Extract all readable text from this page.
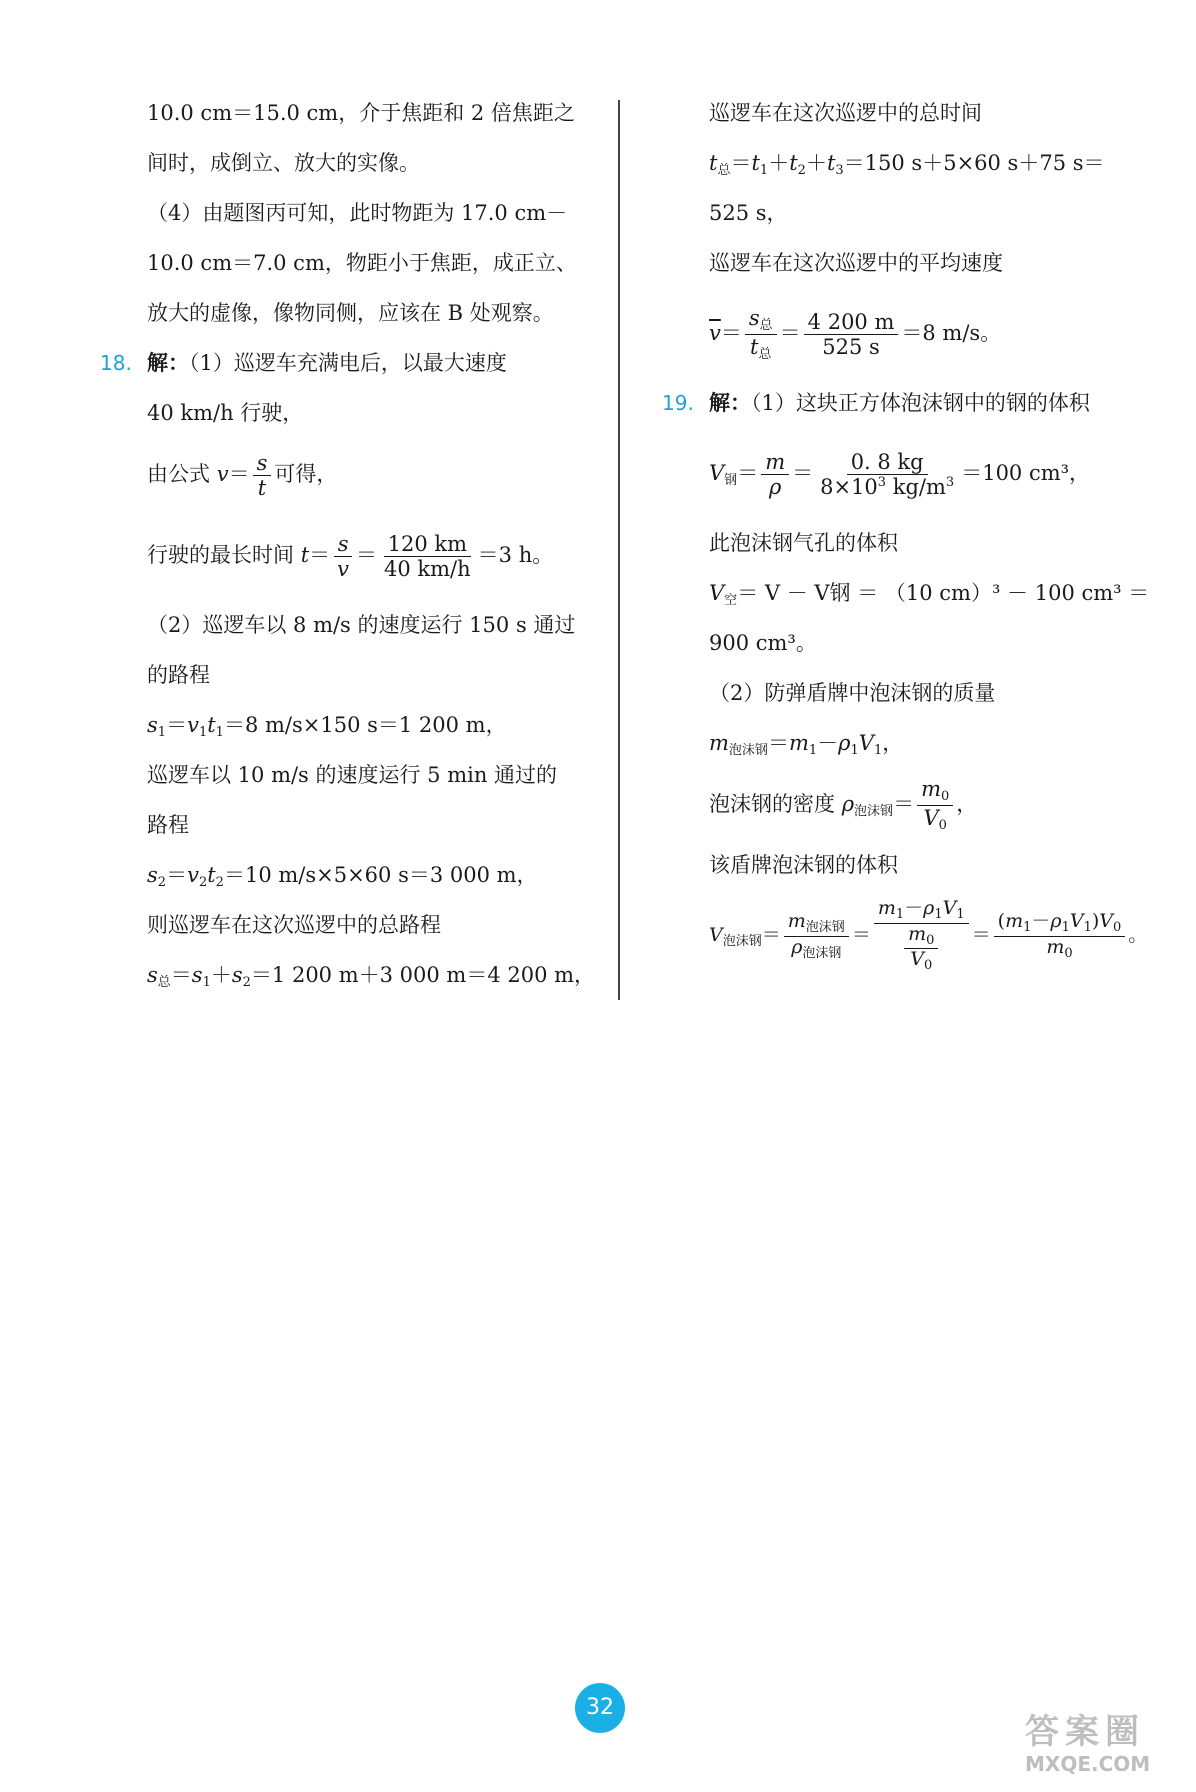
10.0 cm＝15.0 cm，介于焦距和 2 倍焦距之
间时，成倒立、放大的实像。
（4）由题图丙可知，此时物距为 17.0 cm－
10.0 cm＝7.0 cm，物距小于焦距，成正立、
放大的虚像，像物同侧，应该在 B 处观察。
18. 解：（1）巡逻车充满电后，以最大速度
40 km/h 行驶，
由公式 $v= \frac{s}{t}$ 可得，
行驶的最长时间 $t= \frac{s}{v} = \frac{120 km}{40 km/h} =3$ h。
（2）巡逻车以 8 m/s 的速度运行 150 s 通过
的路程
$s_1=v_1t_1=8$ m/s×150 s＝1 200 m，
巡逻车以 10 m/s 的速度运行 5 min 通过的
路程
$s_2=v_2t_2=10$ m/s×5×60 s＝3 000 m，
则巡逻车在这次巡逻中的总路程
$s_总=s_1+s_2=1$ 200 m＋3 000 m＝4 200 m，
巡逻车在这次巡逻中的总时间
$t_总=t_1+t_2+t_3=150$ s＋5×60 s＋75 s＝
525 s，
巡逻车在这次巡逻中的平均速度
$\overline{v}= \frac{s_总}{t_总} = \frac{4 200 m}{525 s} =8$ m/s。
19. 解：（1）这块正方体泡沫钢中的钢的体积
$V_钢= \frac{m}{\rho} = \frac{0. 8 kg}{8\times 10^3 kg/m^3} =100$ cm³，
此泡沫钢气孔的体积
$V_空= V - V$钢 ＝ （10 cm）³ － 100 cm³ ＝
900 cm³。
（2）防弹盾牌中泡沫钢的质量
$m_{泡沫钢}=m_1-\rho_1V_1$，
泡沫钢的密度 $\rho_{泡沫钢}= \frac{m_0}{V_0}$ ，
该盾牌泡沫钢的体积
$V_{泡沫钢}= \frac{m_{泡沫钢}}{\rho_{泡沫钢}} = \frac{m_1-\rho_1V_1}{\frac{m_0}{V_0}} = \frac{(m_1-\rho_1V_1)V_0}{m_0}$ 。
32
答案圈
MXQE.COM
